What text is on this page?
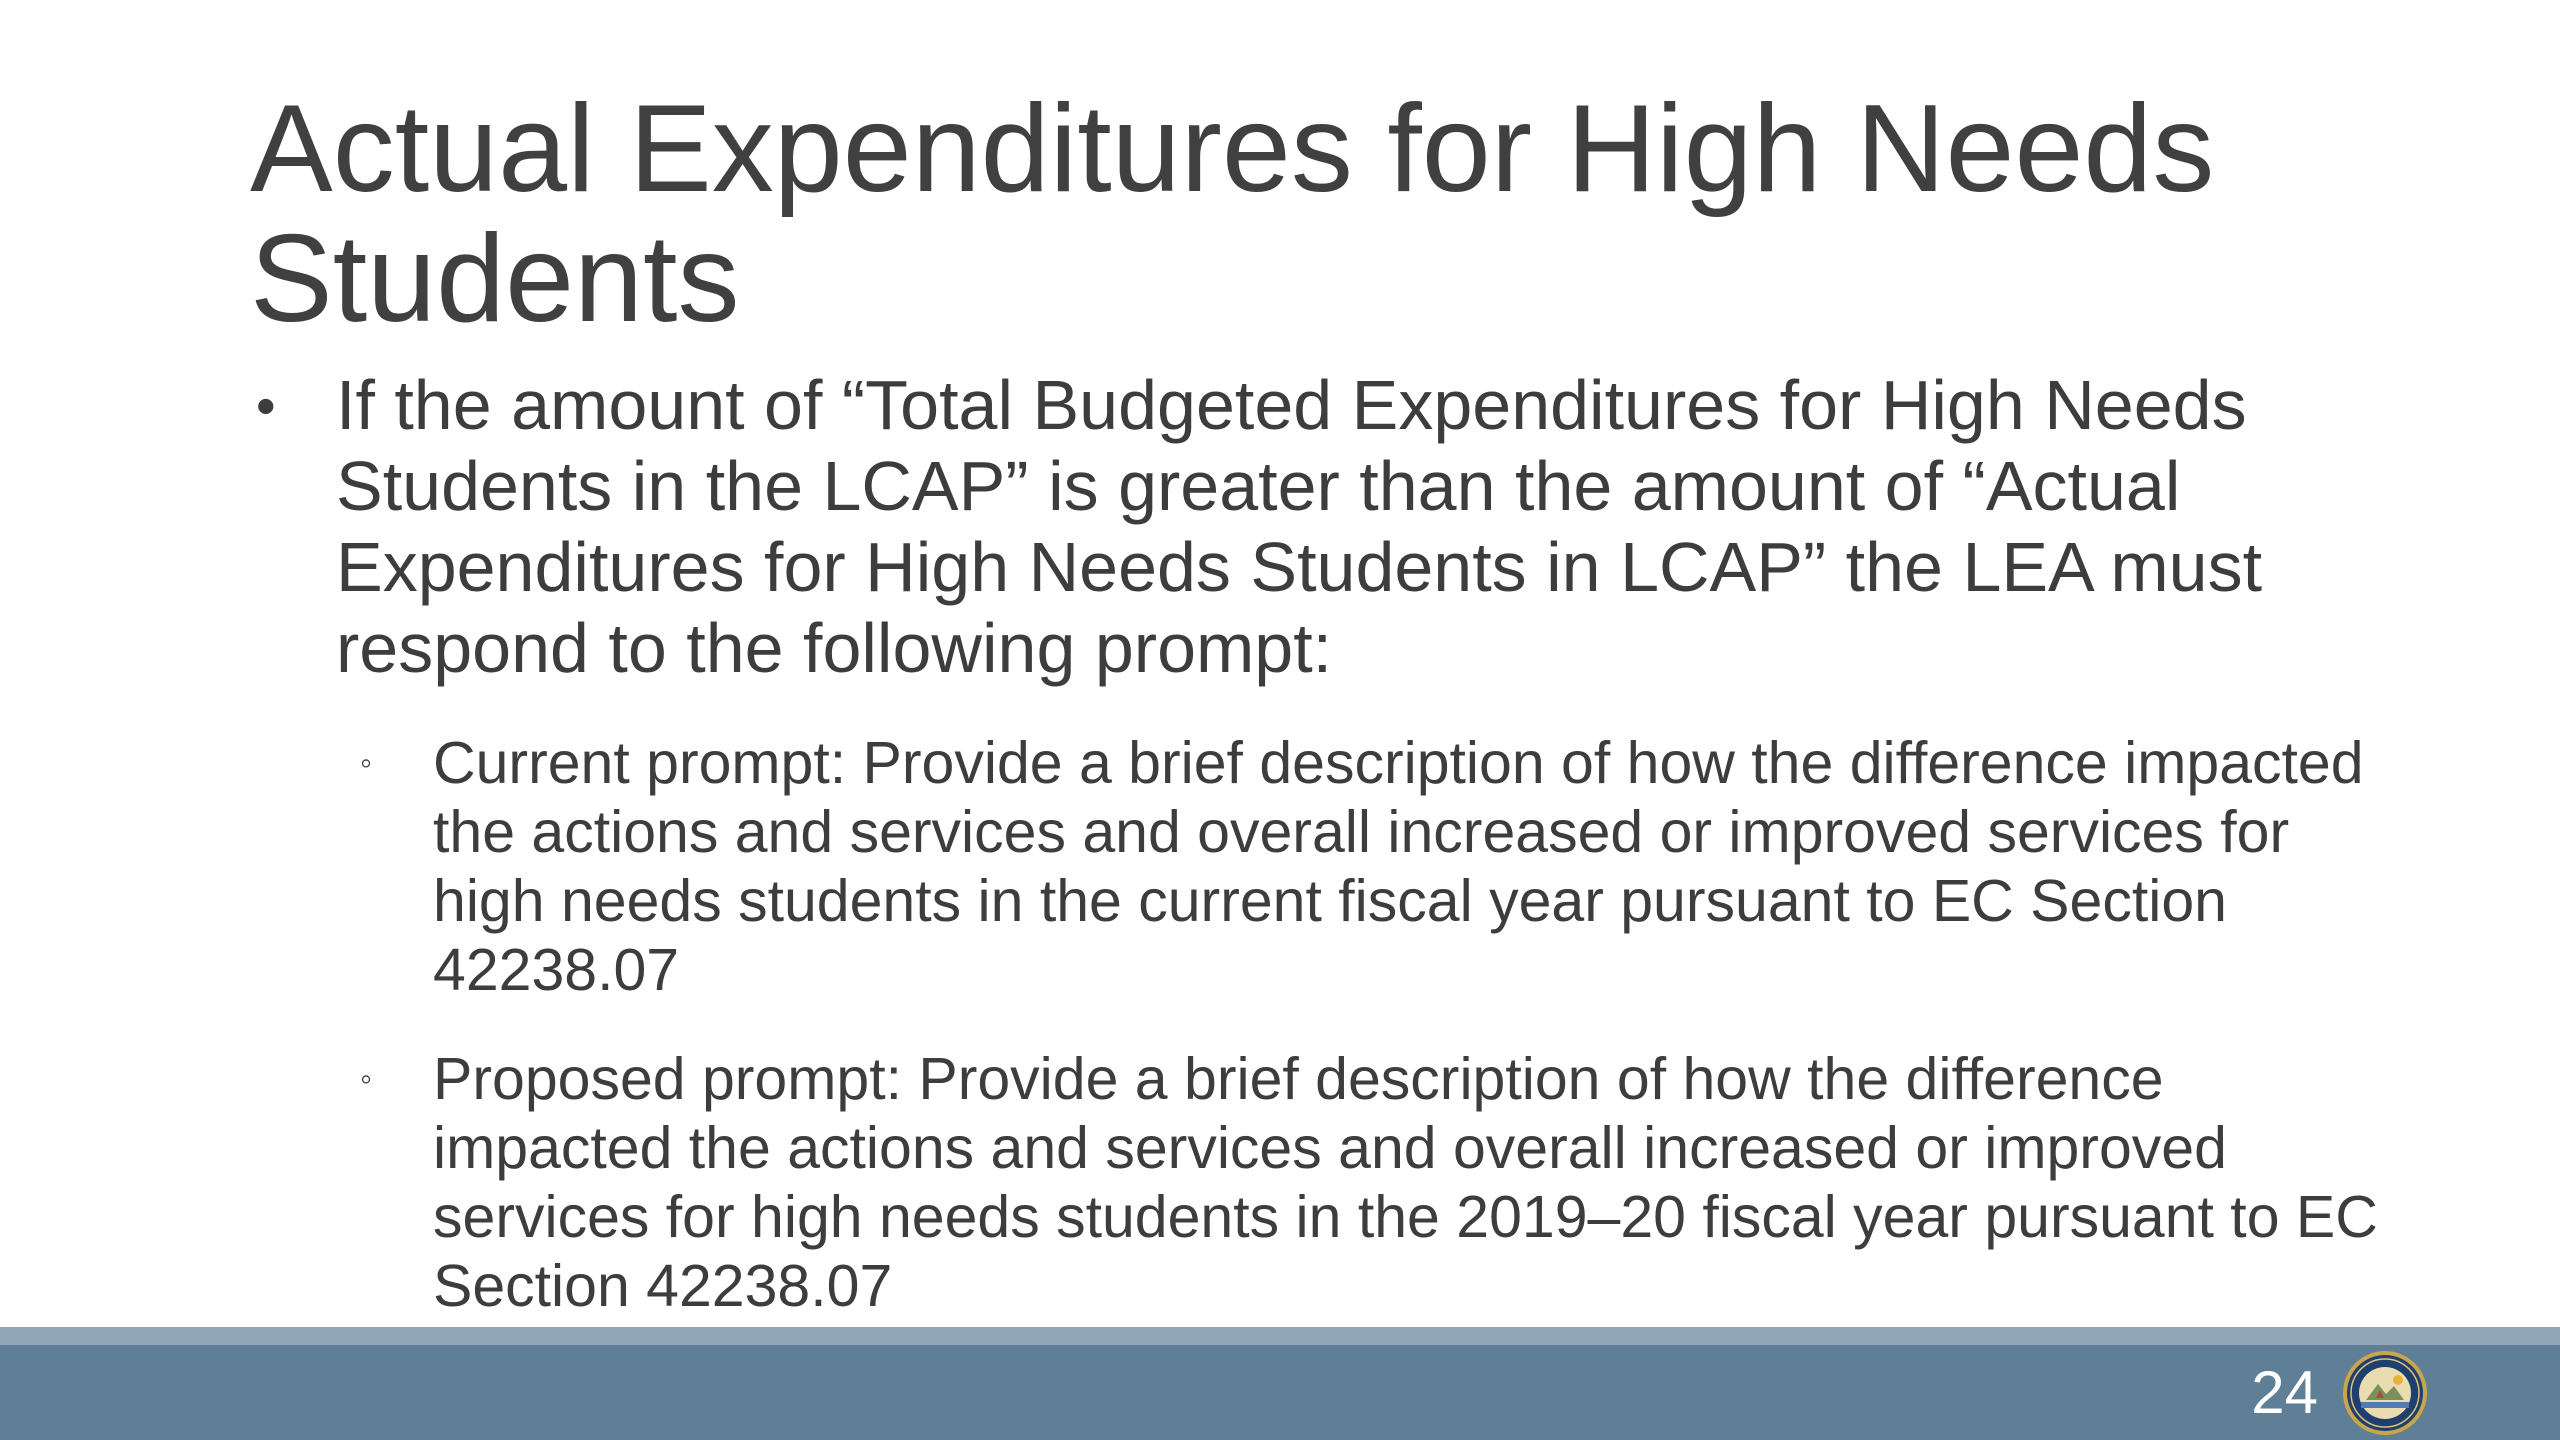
Actual Expenditures for High Needs Students
• If the amount of “Total Budgeted Expenditures for High Needs Students in the LCAP” is greater than the amount of “Actual Expenditures for High Needs Students in LCAP” the LEA must respond to the following prompt:
◦ Current prompt: Provide a brief description of how the difference impacted the actions and services and overall increased or improved services for high needs students in the current fiscal year pursuant to EC Section 42238.07
◦ Proposed prompt: Provide a brief description of how the difference impacted the actions and services and overall increased or improved services for high needs students in the 2019–20 fiscal year pursuant to EC Section 42238.07
24
